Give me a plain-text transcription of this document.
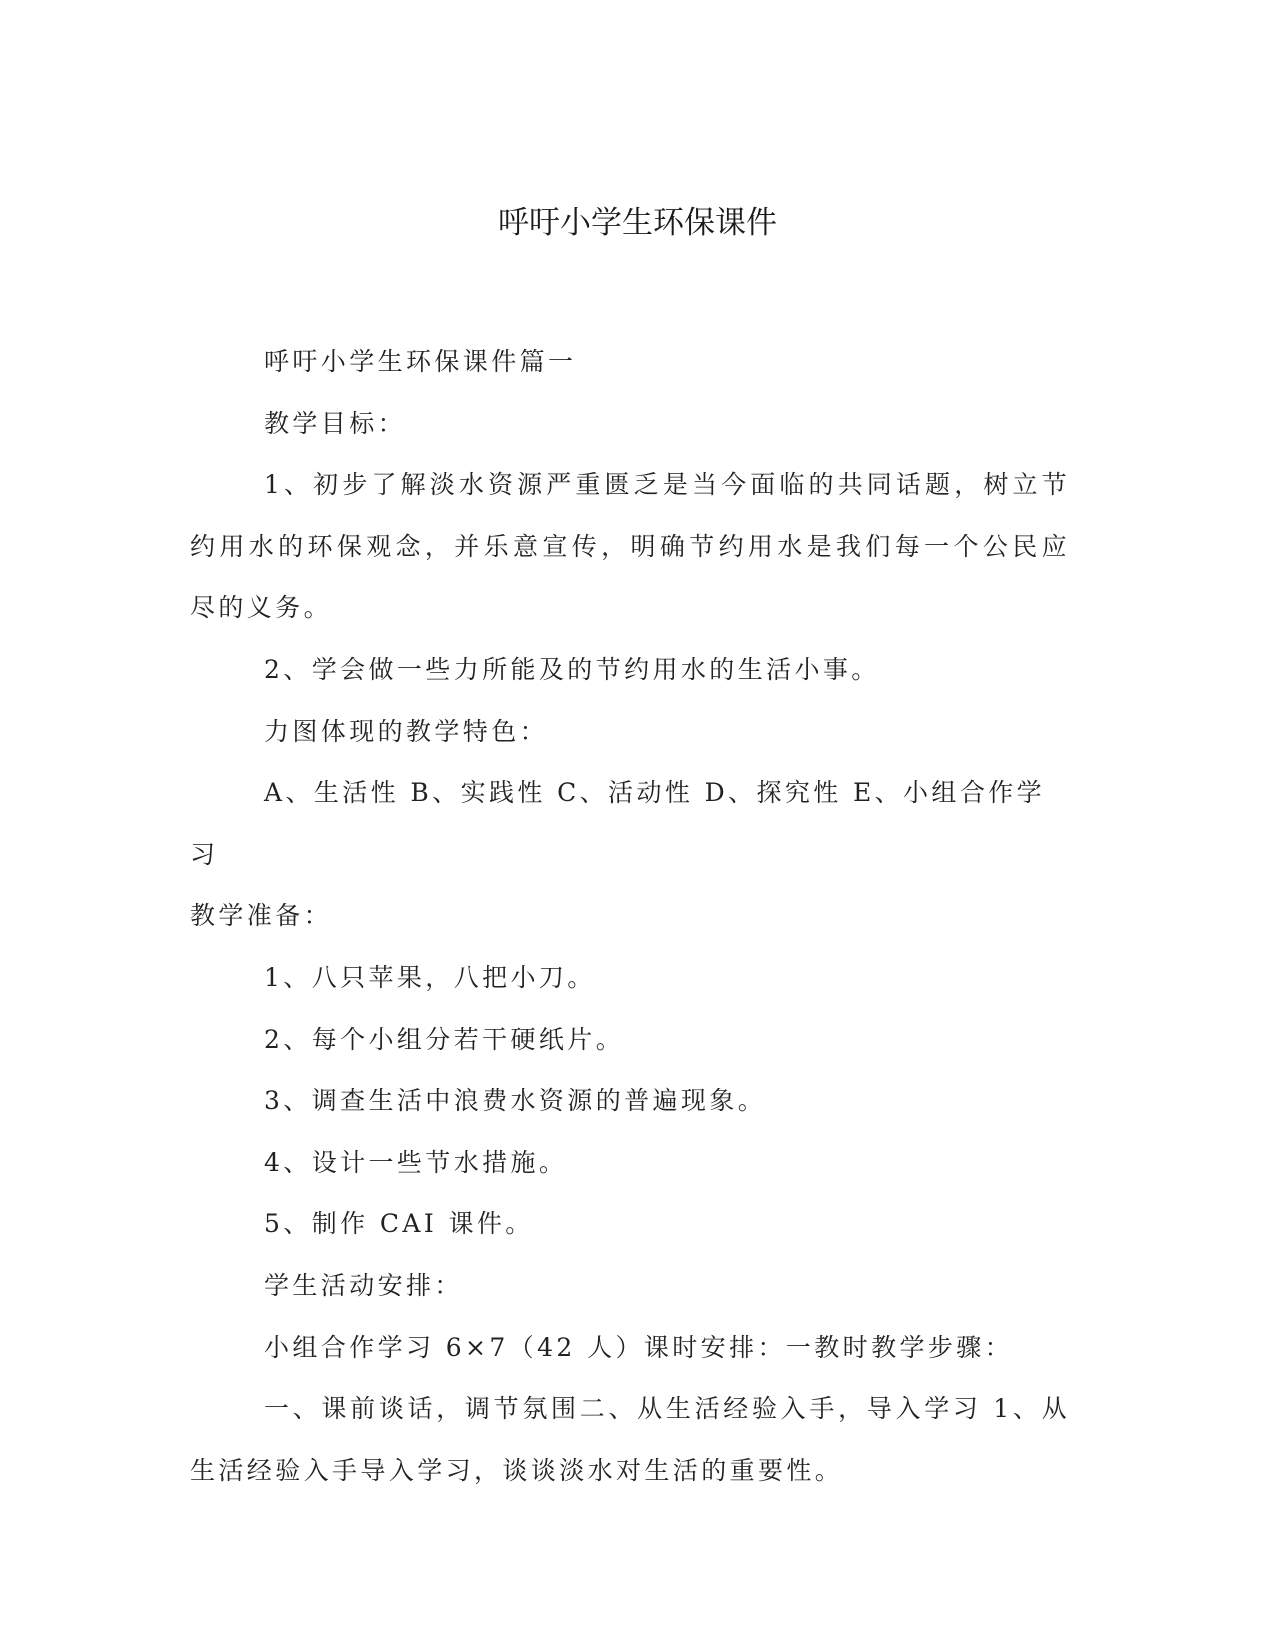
呼吁小学生环保课件

呼吁小学生环保课件篇一

教学目标：

1、初步了解淡水资源严重匮乏是当今面临的共同话题，树立节约用水的环保观念，并乐意宣传，明确节约用水是我们每一个公民应尽的义务。

2、学会做一些力所能及的节约用水的生活小事。

力图体现的教学特色：

A、生活性 B、实践性 C、活动性 D、探究性 E、小组合作学习

教学准备：

1、八只苹果，八把小刀。

2、每个小组分若干硬纸片。

3、调查生活中浪费水资源的普遍现象。

4、设计一些节水措施。

5、制作 CAI 课件。

学生活动安排：

小组合作学习 6×7（42 人）课时安排：一教时教学步骤：

一、课前谈话，调节氛围二、从生活经验入手，导入学习 1、从生活经验入手导入学习，谈谈淡水对生活的重要性。
